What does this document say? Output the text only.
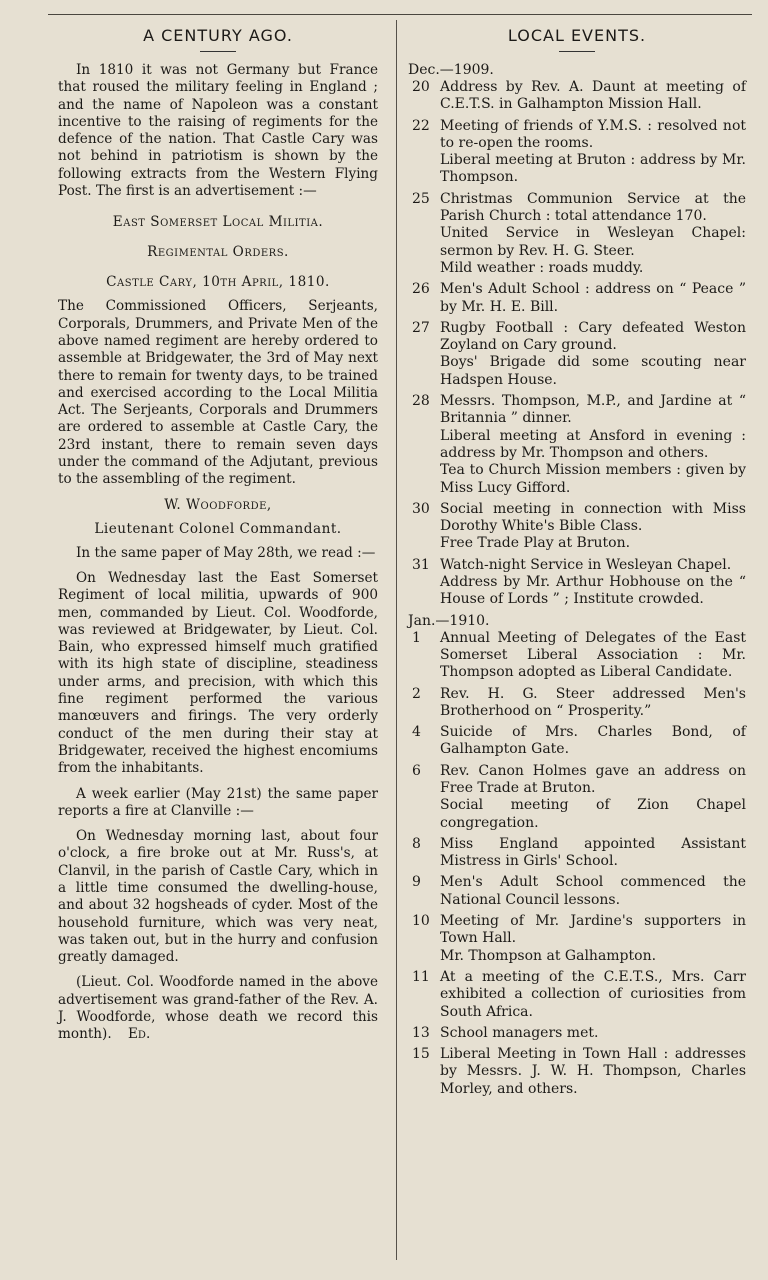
A CENTURY AGO.

In 1810 it was not Germany but France that roused the military feeling in England ; and the name of Napoleon was a constant incentive to the raising of regiments for the defence of the nation. That Castle Cary was not behind in patriotism is shown by the following extracts from the Western Flying Post. The first is an advertisement :—

East Somerset Local Militia.

Regimental Orders.

Castle Cary, 10th April, 1810.

The Commissioned Officers, Serjeants, Corporals, Drummers, and Private Men of the above named regiment are hereby ordered to assemble at Bridgewater, the 3rd of May next there to remain for twenty days, to be trained and exercised according to the Local Militia Act. The Serjeants, Corporals and Drummers are ordered to assemble at Castle Cary, the 23rd instant, there to remain seven days under the command of the Adjutant, previous to the assembling of the regiment.

W. Woodforde,

Lieutenant Colonel Commandant.

In the same paper of May 28th, we read :—

On Wednesday last the East Somerset Regiment of local militia, upwards of 900 men, commanded by Lieut. Col. Woodforde, was reviewed at Bridgewater, by Lieut. Col. Bain, who expressed himself much gratified with its high state of discipline, steadiness under arms, and precision, with which this fine regiment performed the various manœuvers and firings. The very orderly conduct of the men during their stay at Bridgewater, received the highest encomiums from the inhabitants.

A week earlier (May 21st) the same paper reports a fire at Clanville :—

On Wednesday morning last, about four o'clock, a fire broke out at Mr. Russ's, at Clanvil, in the parish of Castle Cary, which in a little time consumed the dwelling-house, and about 32 hogsheads of cyder. Most of the household furniture, which was very neat, was taken out, but in the hurry and confusion greatly damaged.

(Lieut. Col. Woodforde named in the above advertisement was grand-father of the Rev. A. J. Woodforde, whose death we record this month). Ed.

LOCAL EVENTS.

Dec.—1909.

20 Address by Rev. A. Daunt at meeting of C.E.T.S. in Galhampton Mission Hall.

22 Meeting of friends of Y.M.S. : resolved not to re-open the rooms.

Liberal meeting at Bruton : address by Mr. Thompson.

25 Christmas Communion Service at the Parish Church : total attendance 170.

United Service in Wesleyan Chapel: sermon by Rev. H. G. Steer.

Mild weather : roads muddy.

26 Men's Adult School : address on “ Peace ” by Mr. H. E. Bill.

27 Rugby Football : Cary defeated Weston Zoyland on Cary ground.

Boys' Brigade did some scouting near Hadspen House.

28 Messrs. Thompson, M.P., and Jardine at “ Britannia ” dinner.

Liberal meeting at Ansford in evening : address by Mr. Thompson and others.

Tea to Church Mission members : given by Miss Lucy Gifford.

30 Social meeting in connection with Miss Dorothy White's Bible Class.

Free Trade Play at Bruton.

31 Watch-night Service in Wesleyan Chapel.

Address by Mr. Arthur Hobhouse on the “ House of Lords ” ; Institute crowded.

Jan.—1910.

1	Annual Meeting of Delegates of the East Somerset Liberal Association : Mr. Thompson adopted as Liberal Candidate.

2	Rev. H. G. Steer addressed Men's Brotherhood on “ Prosperity.”

4	Suicide of Mrs. Charles Bond, of Galhampton Gate.

6	Rev. Canon Holmes gave an address on Free Trade at Bruton.

Social meeting of Zion Chapel congregation.

8	Miss England appointed Assistant Mistress in Girls' School.

9	Men's Adult School commenced the National Council lessons.

10 Meeting of Mr. Jardine's supporters in Town Hall.

Mr. Thompson at Galhampton.

11 At a meeting of the C.E.T.S., Mrs. Carr exhibited a collection of curiosities from South Africa.

13 School managers met.

15 Liberal Meeting in Town Hall : addresses by Messrs. J. W. H. Thompson, Charles Morley, and others.
